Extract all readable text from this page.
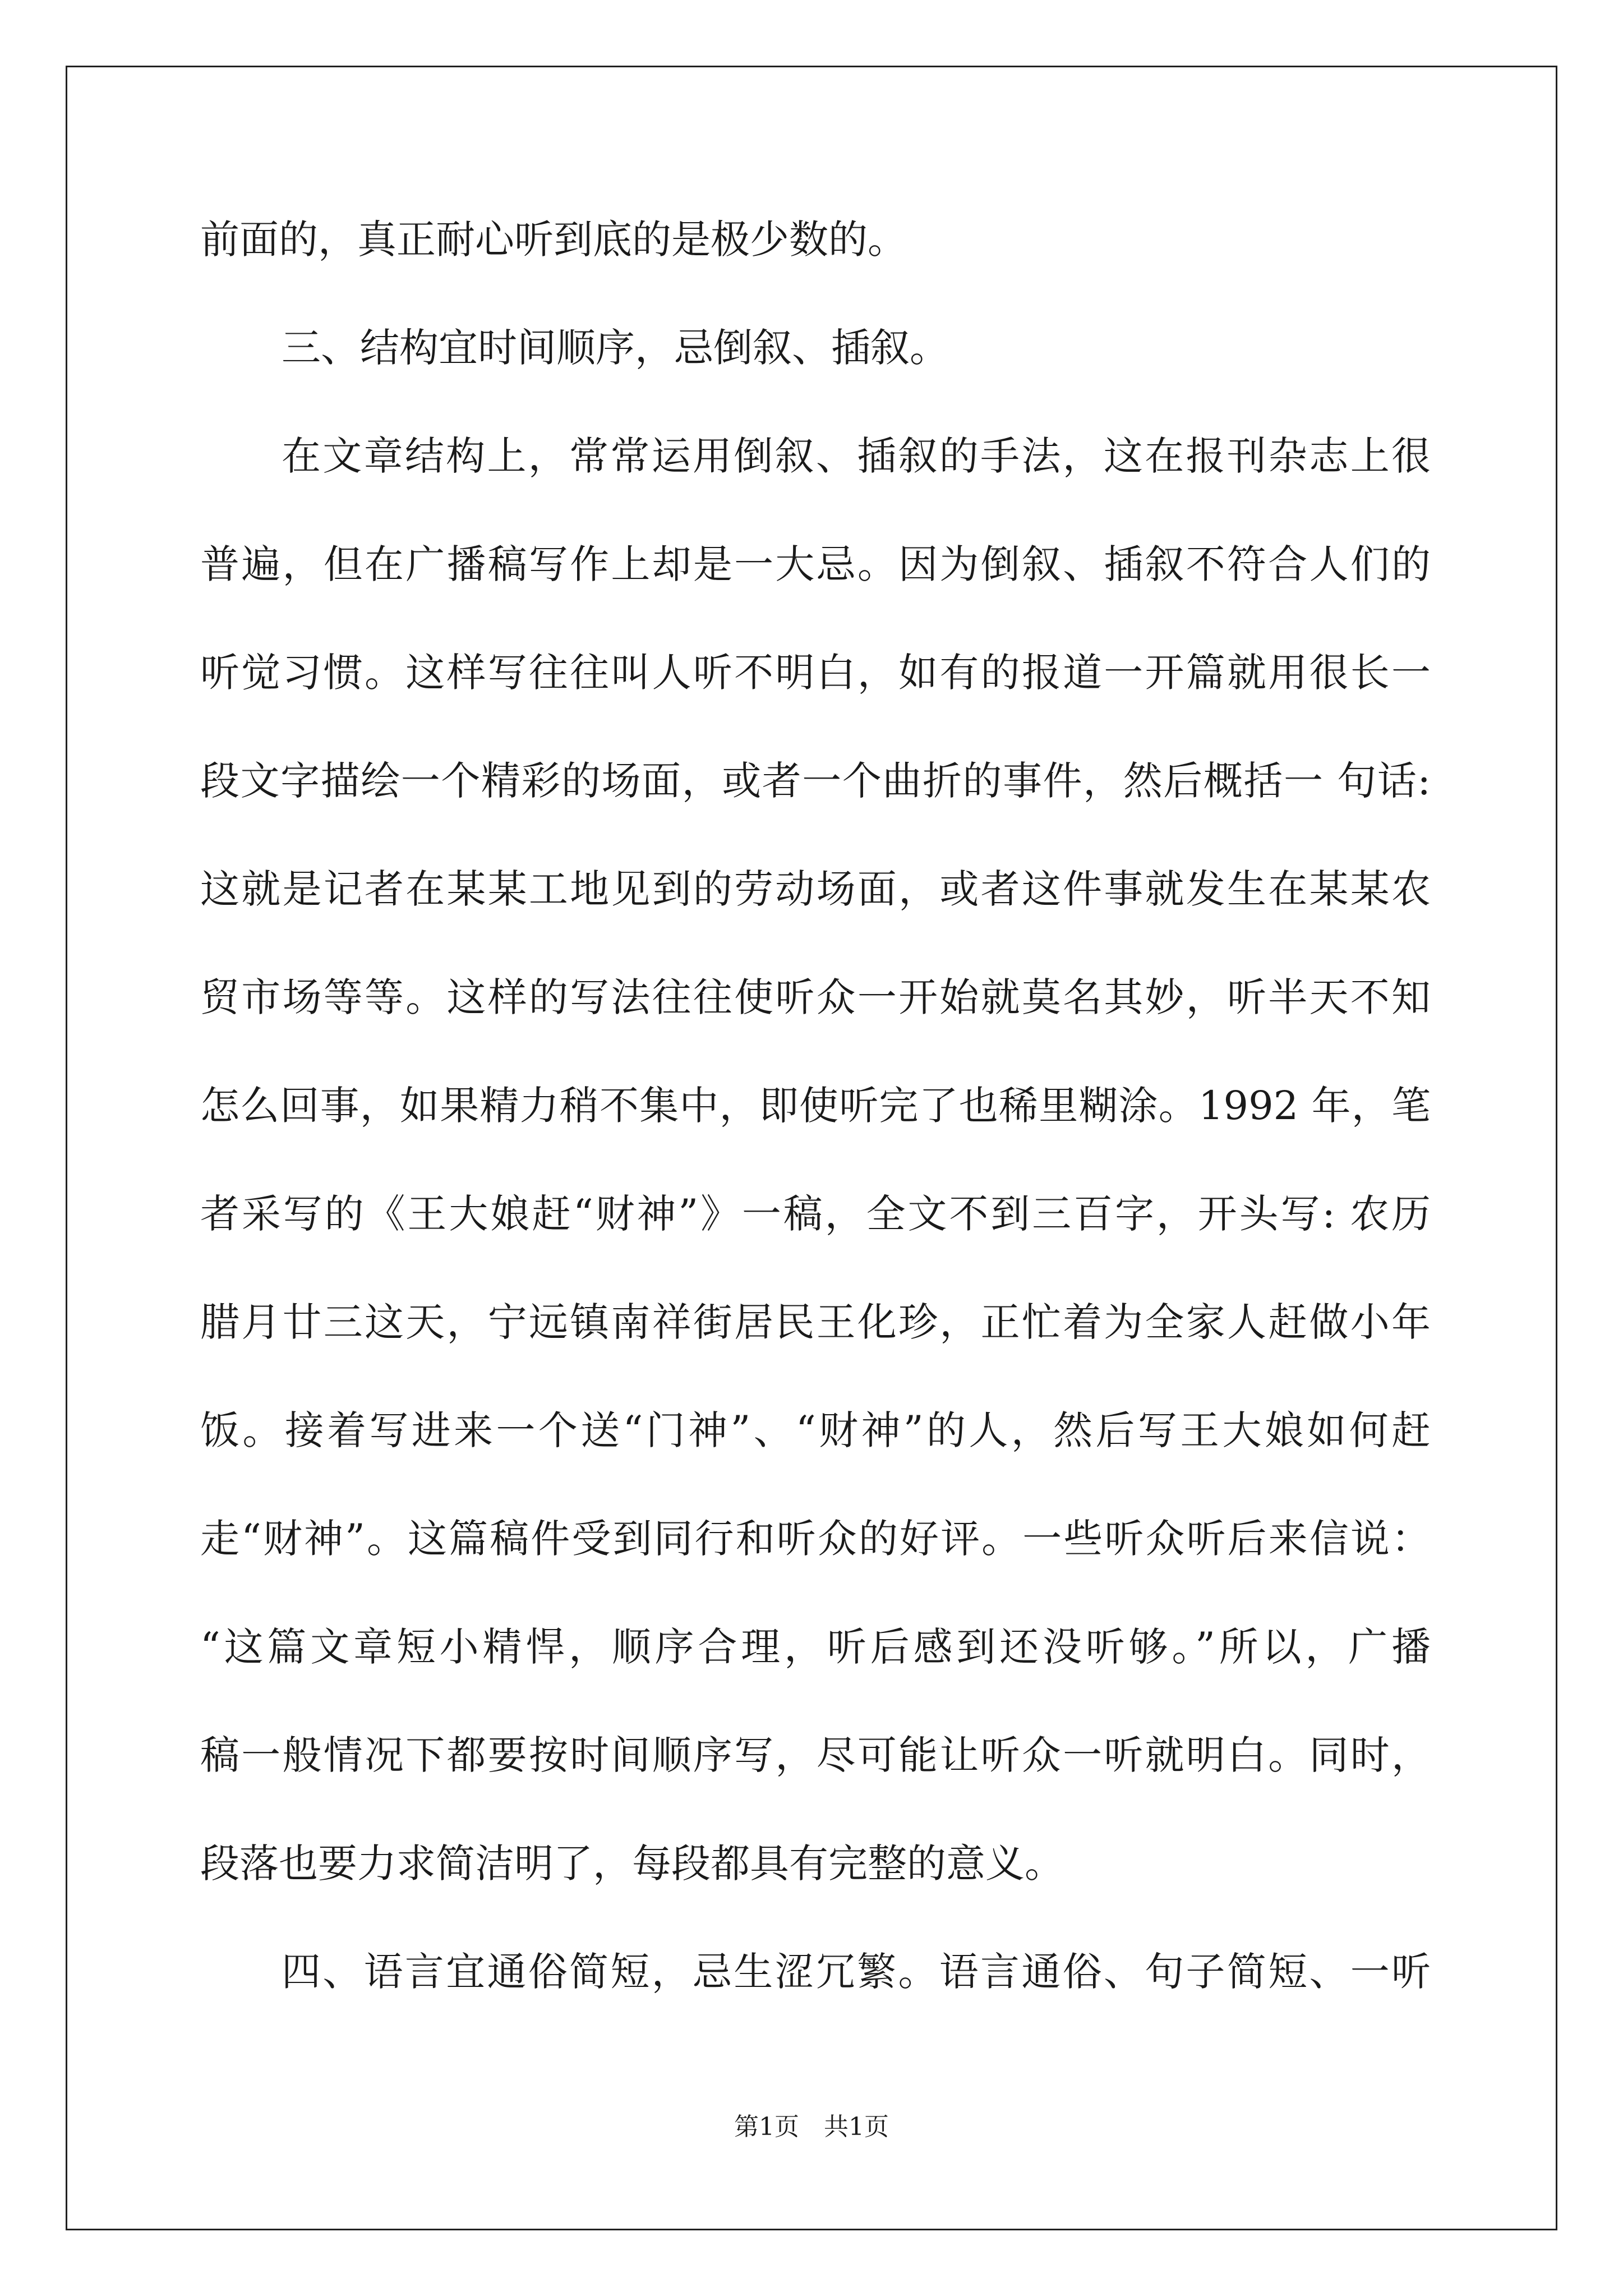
前面的，真正耐心听到底的是极少数的。
三、结构宜时间顺序，忌倒叙、插叙。
在文章结构上，常常运用倒叙、插叙的手法，这在报刊杂志上很
普遍，但在广播稿写作上却是一大忌。因为倒叙、插叙不符合人们的
听觉习惯。这样写往往叫人听不明白，如有的报道一开篇就用很长一
段文字描绘一个精彩的场面，或者一个曲折的事件，然后概括一 句话:
这就是记者在某某工地见到的劳动场面，或者这件事就发生在某某农
贸市场等等。这样的写法往往使听众一开始就莫名其妙，听半天不知
怎么回事，如果精力稍不集中，即使听完了也稀里糊涂。1992 年，笔
者采写的《王大娘赶“财神”》一稿，全文不到三百字，开头写: 农历
腊月廿三这天，宁远镇南祥街居民王化珍，正忙着为全家人赶做小年
饭。接着写进来一个送“门神”、“财神”的人，然后写王大娘如何赶
走“财神”。这篇稿件受到同行和听众的好评。一些听众听后来信说：
“这篇文章短小精悍，顺序合理，听后感到还没听够。”所以，广播
稿一般情况下都要按时间顺序写，尽可能让听众一听就明白。同时，
段落也要力求简洁明了，每段都具有完整的意义。
四、语言宜通俗简短，忌生涩冗繁。语言通俗、句子简短、一听
第1页 共1页
